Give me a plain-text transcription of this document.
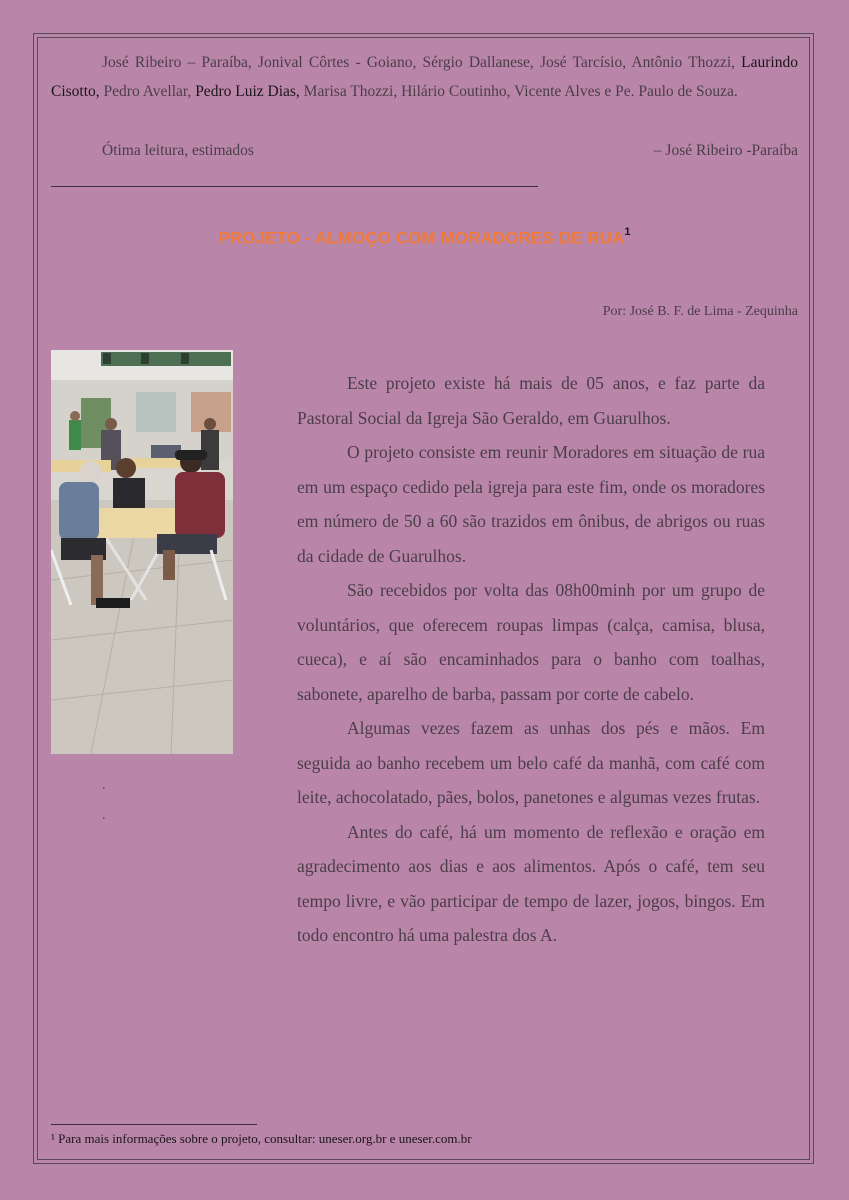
José Ribeiro – Paraíba, Jonival Côrtes - Goiano, Sérgio Dallanese, José Tarcísio, Antônio Thozzi, Laurindo Cisotto, Pedro Avellar, Pedro Luiz Dias, Marisa Thozzi, Hilário Coutinho, Vicente Alves e Pe. Paulo de Souza.
Ótima leitura, estimados	– José Ribeiro -Paraíba
PROJETO - ALMOÇO COM MORADORES DE RUA$^1$
Por: José B. F. de Lima - Zequinha
.
.

Este projeto existe há mais de 05 anos, e faz parte da Pastoral Social da Igreja São Geraldo, em Guarulhos.

O projeto consiste em reunir Moradores em situação de rua em um espaço cedido pela igreja para este fim, onde os moradores em número de 50 a 60 são trazidos em ônibus, de abrigos ou ruas da cidade de Guarulhos.

São recebidos por volta das 08h00minh por um grupo de voluntários, que oferecem roupas limpas (calça, camisa, blusa, cueca), e aí são encaminhados para o banho com toalhas, sabonete, aparelho de barba, passam por corte de cabelo.

Algumas vezes fazem as unhas dos pés e mãos. Em seguida ao banho recebem um belo café da manhã, com café com leite, achocolatado, pães, bolos, panetones e algumas vezes frutas.

Antes do café, há um momento de reflexão e oração em agradecimento aos dias e aos alimentos. Após o café, tem seu tempo livre, e vão participar de tempo de lazer, jogos, bingos. Em todo encontro há uma palestra dos A.

¹ Para mais informações sobre o projeto, consultar: uneser.org.br e uneser.com.br
